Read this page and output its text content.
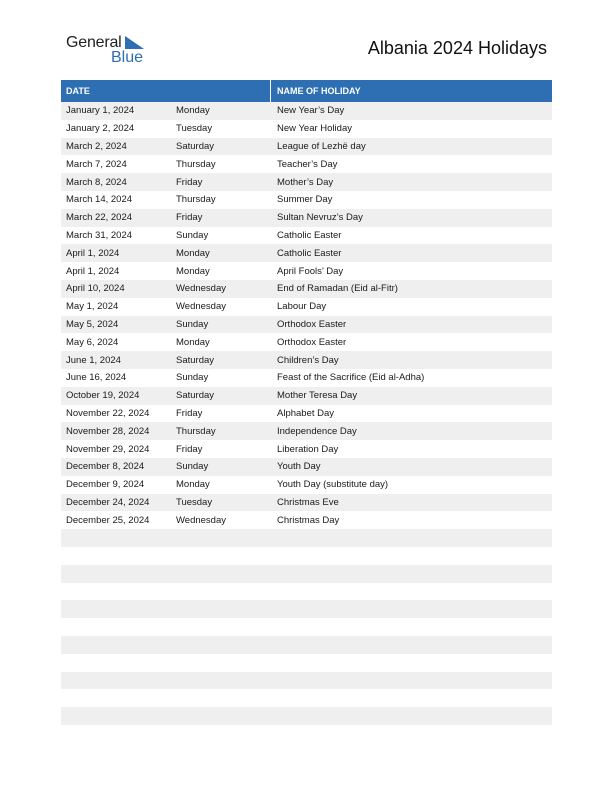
General
Blue	Albania 2024 Holidays
DATE	NAME OF HOLIDAY
January 1, 2024	Monday	New Year’s Day
January 2, 2024	Tuesday	New Year Holiday
March 2, 2024	Saturday	League of Lezhë day
March 7, 2024	Thursday	Teacher’s Day
March 8, 2024	Friday	Mother’s Day
March 14, 2024	Thursday	Summer Day
March 22, 2024	Friday	Sultan Nevruz’s Day
March 31, 2024	Sunday	Catholic Easter
April 1, 2024	Monday	Catholic Easter
April 1, 2024	Monday	April Fools’ Day
April 10, 2024	Wednesday	End of Ramadan (Eid al-Fitr)
May 1, 2024	Wednesday	Labour Day
May 5, 2024	Sunday	Orthodox Easter
May 6, 2024	Monday	Orthodox Easter
June 1, 2024	Saturday	Children’s Day
June 16, 2024	Sunday	Feast of the Sacrifice (Eid al-Adha)
October 19, 2024	Saturday	Mother Teresa Day
November 22, 2024	Friday	Alphabet Day
November 28, 2024	Thursday	Independence Day
November 29, 2024	Friday	Liberation Day
December 8, 2024	Sunday	Youth Day
December 9, 2024	Monday	Youth Day (substitute day)
December 24, 2024	Tuesday	Christmas Eve
December 25, 2024	Wednesday	Christmas Day
